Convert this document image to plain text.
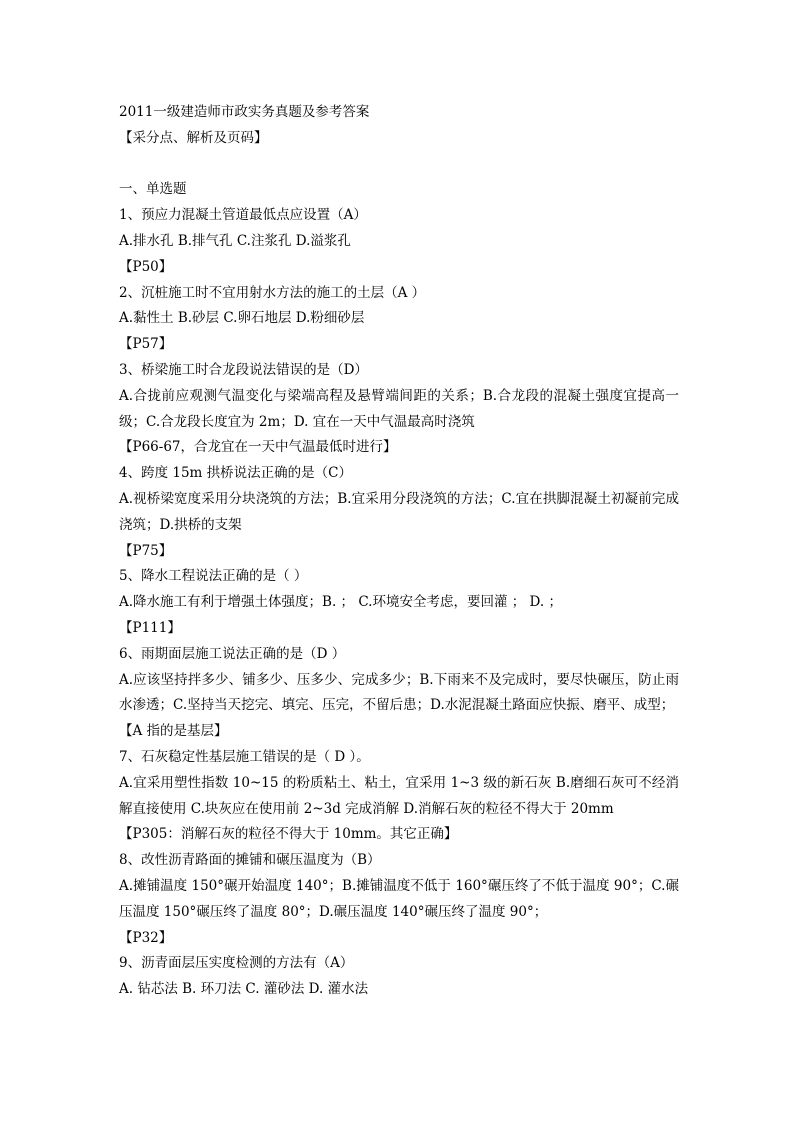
2011一级建造师市政实务真题及参考答案

【采分点、解析及页码】

一、单选题

1、预应力混凝土管道最低点应设置（A）

A.排水孔 B.排气孔 C.注浆孔 D.溢浆孔

【P50】

2、沉桩施工时不宜用射水方法的施工的土层（A ）

A.黏性土 B.砂层 C.卵石地层 D.粉细砂层

【P57】

3、桥梁施工时合龙段说法错误的是（D）

A.合拢前应观测气温变化与梁端高程及悬臂端间距的关系；B.合龙段的混凝土强度宜提高一级；C.合龙段长度宜为 2m；D. 宜在一天中气温最高时浇筑

【P66-67，合龙宜在一天中气温最低时进行】

4、跨度 15m 拱桥说法正确的是（C）

A.视桥梁宽度采用分块浇筑的方法；B.宜采用分段浇筑的方法；C.宜在拱脚混凝土初凝前完成浇筑；D.拱桥的支架

【P75】

5、降水工程说法正确的是（ ）

A.降水施工有利于增强土体强度；B. ； C.环境安全考虑，要回灌 ； D. ；

【P111】

6、雨期面层施工说法正确的是（D ）

A.应该坚持拌多少、铺多少、压多少、完成多少；B.下雨来不及完成时，要尽快碾压，防止雨水渗透；C.坚持当天挖完、填完、压完，不留后患；D.水泥混凝土路面应快振、磨平、成型；

【A 指的是基层】

7、石灰稳定性基层施工错误的是（ D ）。

A.宜采用塑性指数 10~15 的粉质粘土、粘土，宜采用 1~3 级的新石灰 B.磨细石灰可不经消解直接使用 C.块灰应在使用前 2~3d 完成消解 D.消解石灰的粒径不得大于 20mm

【P305：消解石灰的粒径不得大于 10mm。其它正确】

8、改性沥青路面的摊铺和碾压温度为（B）

A.摊铺温度 150°碾开始温度 140°；B.摊铺温度不低于 160°碾压终了不低于温度 90°；C.碾压温度 150°碾压终了温度 80°；D.碾压温度 140°碾压终了温度 90°；

【P32】

9、沥青面层压实度检测的方法有（A）

A. 钻芯法 B. 环刀法 C. 灌砂法 D. 灌水法
